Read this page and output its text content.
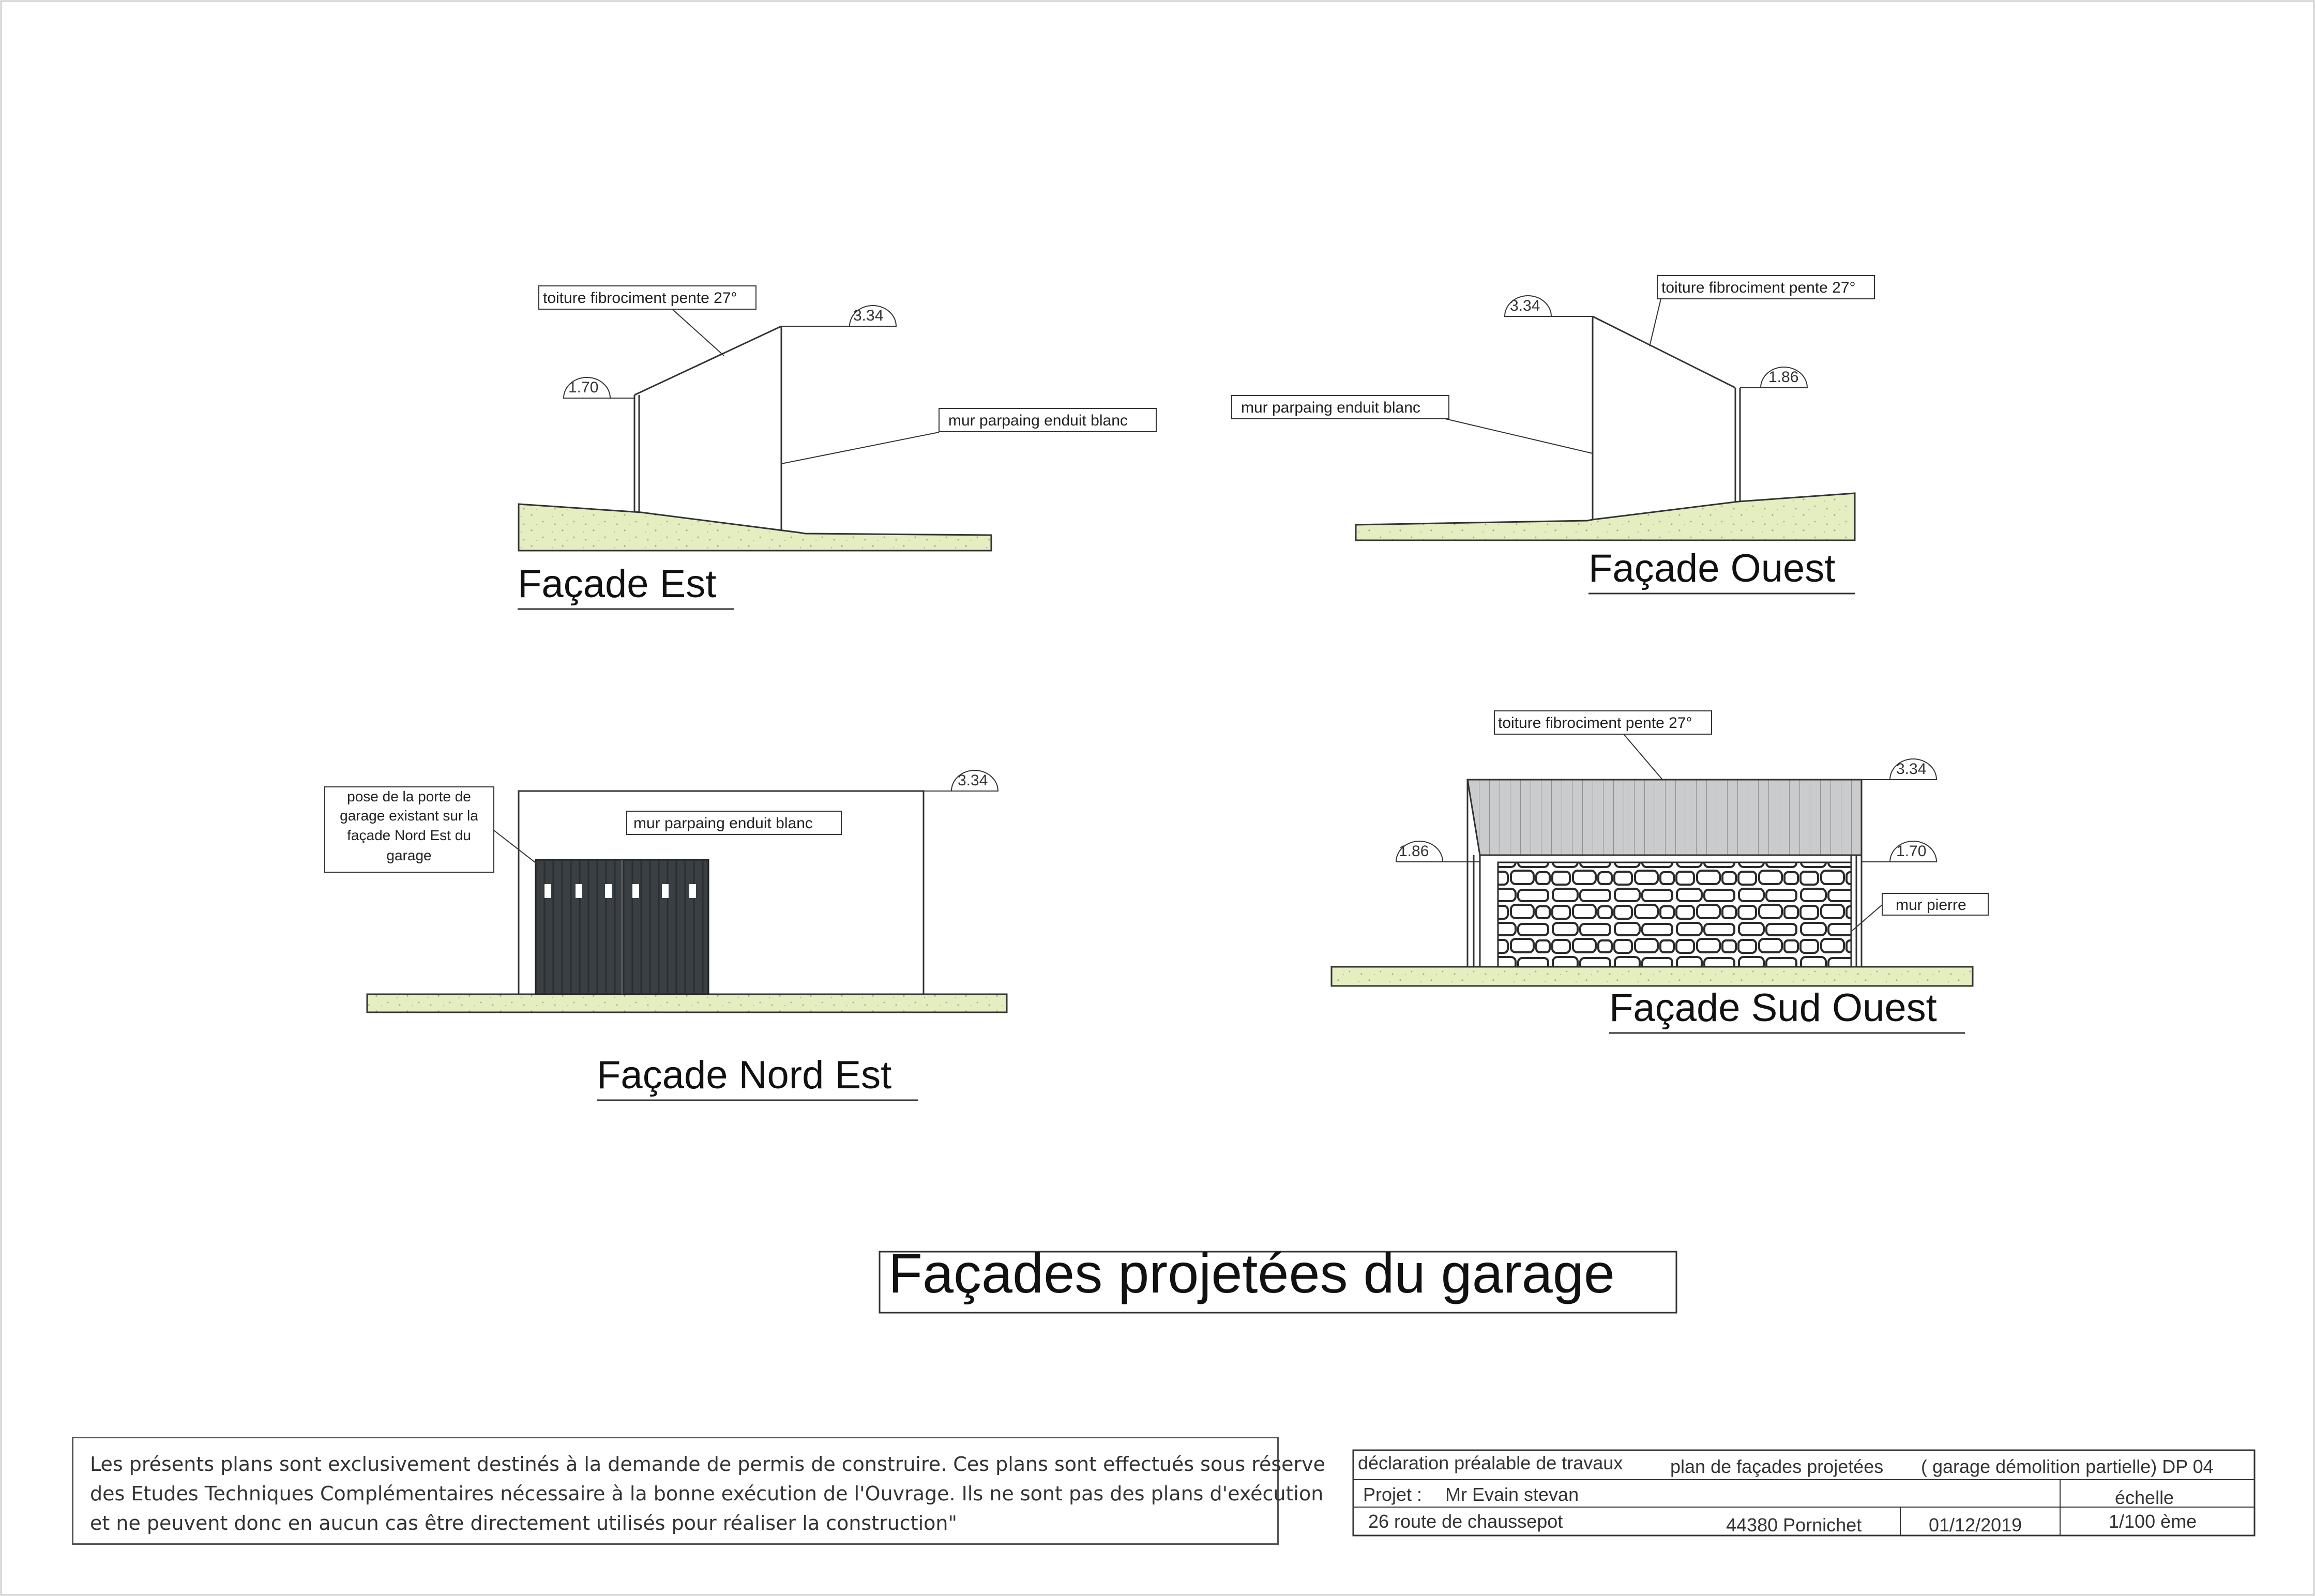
1.70
3.34
toiture fibrociment pente 27°
mur parpaing enduit blanc
Façade Est
3.34
1.86
toiture fibrociment pente 27°
mur parpaing enduit blanc
Façade Ouest
3.34
mur parpaing enduit blanc
pose de la porte de
garage existant sur la
façade Nord Est du
garage
Façade Nord Est
3.34
1.86	1.70
toiture fibrociment pente 27°
mur pierre
Façade Sud Ouest
Façades projetées du garage
déclaration préalable de travaux	plan de façades projetées ( garage démolition partielle) DP 04
Projet : Mr Evain stevan	échelle
26 route de chaussepot	44380 Pornichet	01/12/2019	1/100 ème
Les présents plans sont exclusivement destinés à la demande de permis de construire. Ces plans sont effectués sous réserve
des Etudes Techniques Complémentaires nécessaire à la bonne exécution de l'Ouvrage. Ils ne sont pas des plans d'exécution
et ne peuvent donc en aucun cas être directement utilisés pour réaliser la construction"
